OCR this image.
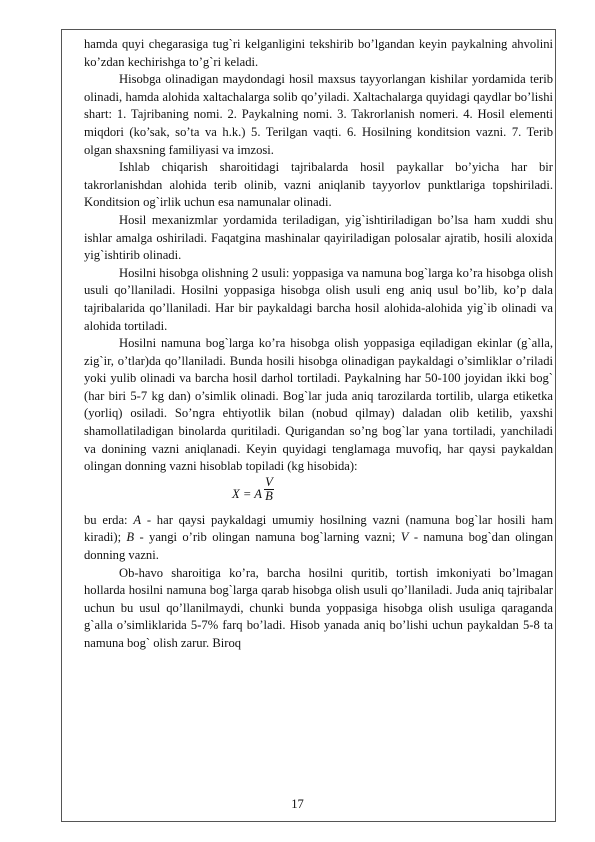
hamda quyi chegarasiga tug`ri kelganligini tekshirib bo’lgandan keyin paykalning ahvolini ko’zdan kechirishga to’g`ri keladi.

Hisobga olinadigan maydondagi hosil maxsus tayyorlangan kishilar yordamida terib olinadi, hamda alohida xaltachalarga solib qo’yiladi. Xaltachalarga quyidagi qaydlar bo’lishi shart: 1. Tajribaning nomi. 2. Paykalning nomi. 3. Takrorlanish nomeri. 4. Hosil elementi miqdori (ko’sak, so’ta va h.k.) 5. Terilgan vaqti. 6. Hosilning konditsion vazni. 7. Terib olgan shaxsning familiyasi va imzosi.

Ishlab chiqarish sharoitidagi tajribalarda hosil paykallar bo’yicha har bir takrorlanishdan alohida terib olinib, vazni aniqlanib tayyorlov punktlariga topshiriladi. Konditsion og`irlik uchun esa namunalar olinadi.

Hosil mexanizmlar yordamida teriladigan, yig`ishtiriladigan bo’lsa ham xuddi shu ishlar amalga oshiriladi. Faqatgina mashinalar qayiriladigan polosalar ajratib, hosili aloxida yig`ishtirib olinadi.

Hosilni hisobga olishning 2 usuli: yoppasiga va namuna bog`larga ko’ra hisobga olish usuli qo’llaniladi. Hosilni yoppasiga hisobga olish usuli eng aniq usul bo’lib, ko’p dala tajribalarida qo’llaniladi. Har bir paykaldagi barcha hosil alohida-alohida yig`ib olinadi va alohida tortiladi.

Hosilni namuna bog`larga ko’ra hisobga olish yoppasiga eqiladigan ekinlar (g`alla, zig`ir, o’tlar)da qo’llaniladi. Bunda hosili hisobga olinadigan paykaldagi o’simliklar o’riladi yoki yulib olinadi va barcha hosil darhol tortiladi. Paykalning har 50-100 joyidan ikki bog` (har biri 5-7 kg dan) o’simlik olinadi. Bog`lar juda aniq tarozilarda tortilib, ularga etiketka (yorliq) osiladi. So’ngra ehtiyotlik bilan (nobud qilmay) daladan olib ketilib, yaxshi shamollatiladigan binolarda quritiladi. Qurigandan so’ng bog`lar yana tortiladi, yanchiladi va donining vazni aniqlanadi. Keyin quyidagi tenglamaga muvofiq, har qaysi paykaldan olingan donning vazni hisoblab topiladi (kg hisobida):

X = A $\frac{V}{B}$

bu erda: A - har qaysi paykaldagi umumiy hosilning vazni (namuna bog`lar hosili ham kiradi); B - yangi o’rib olingan namuna bog`larning vazni; V - namuna bog`dan olingan donning vazni.

Ob-havo sharoitiga ko’ra, barcha hosilni quritib, tortish imkoniyati bo’lmagan hollarda hosilni namuna bog`larga qarab hisobga olish usuli qo’llaniladi. Juda aniq tajribalar uchun bu usul qo’llanilmaydi, chunki bunda yoppasiga hisobga olish usuliga qaraganda g`alla o’simliklarida 5-7% farq bo’ladi. Hisob yanada aniq bo’lishi uchun paykaldan 5-8 ta namuna bog` olish zarur. Biroq

17
